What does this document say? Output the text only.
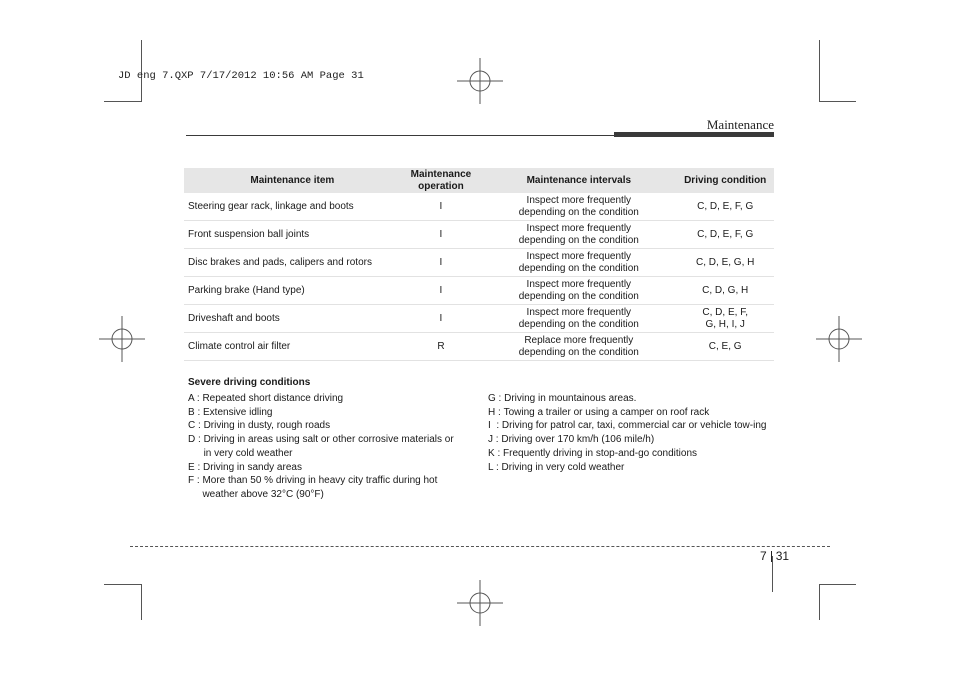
JD eng 7.QXP 7/17/2012 10:56 AM Page 31
Maintenance
Maintenance item	Maintenance operation	Maintenance intervals	Driving condition
Steering gear rack, linkage and boots	I	Inspect more frequently depending on the condition	C, D, E, F, G
Front suspension ball joints	I	Inspect more frequently depending on the condition	C, D, E, F, G
Disc brakes and pads, calipers and rotors	I	Inspect more frequently depending on the condition	C, D, E, G, H
Parking brake (Hand type)	I	Inspect more frequently depending on the condition	C, D, G, H
Driveshaft and boots	I	Inspect more frequently depending on the condition	C, D, E, F, G, H, I, J
Climate control air filter	R	Replace more frequently depending on the condition	C, E, G
Severe driving conditions
A : Repeated short distance driving
B : Extensive idling
C : Driving in dusty, rough roads
D : Driving in areas using salt or other corrosive materials or in very cold weather
E : Driving in sandy areas
F : More than 50 % driving in heavy city traffic during hot weather above 32°C (90°F)
G : Driving in mountainous areas.
H : Towing a trailer or using a camper on roof rack
I  : Driving for patrol car, taxi, commercial car or vehicle tow-ing
J : Driving over 170 km/h (106 mile/h)
K : Frequently driving in stop-and-go conditions
L : Driving in very cold weather
7 31
